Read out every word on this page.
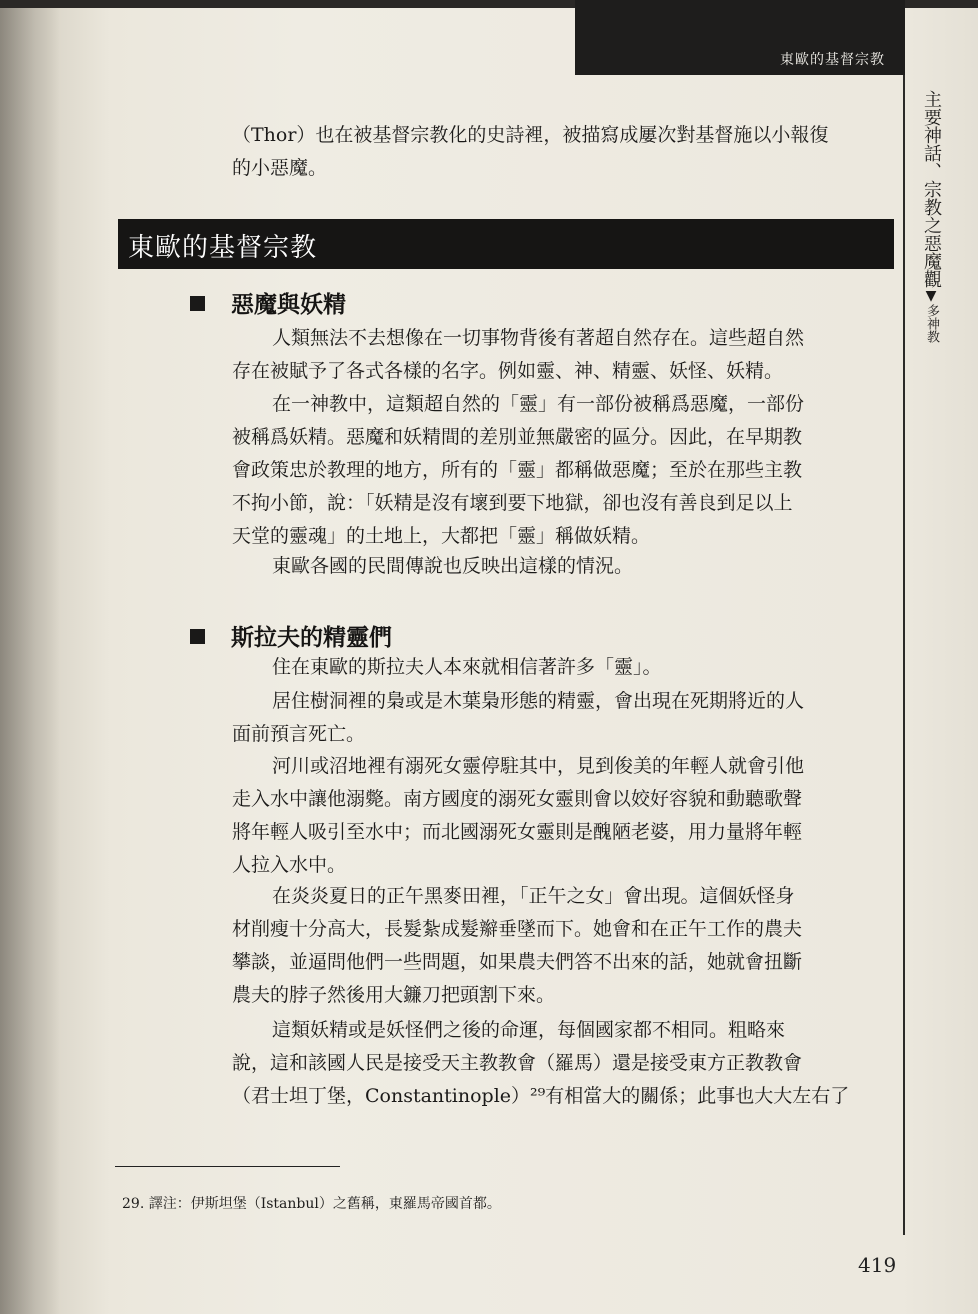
東歐的基督宗教
主要神話、宗教之惡魔觀▼多神教

（Thor）也在被基督宗教化的史詩裡，被描寫成屢次對基督施以小報復
的小惡魔。

東歐的基督宗教
惡魔與妖精

人類無法不去想像在一切事物背後有著超自然存在。這些超自然
存在被賦予了各式各樣的名字。例如靈、神、精靈、妖怪、妖精。

在一神教中，這類超自然的「靈」有一部份被稱爲惡魔，一部份
被稱爲妖精。惡魔和妖精間的差別並無嚴密的區分。因此，在早期教
會政策忠於教理的地方，所有的「靈」都稱做惡魔；至於在那些主教
不拘小節，說：「妖精是沒有壞到要下地獄，卻也沒有善良到足以上
天堂的靈魂」的土地上，大都把「靈」稱做妖精。

東歐各國的民間傳說也反映出這樣的情況。

斯拉夫的精靈們

住在東歐的斯拉夫人本來就相信著許多「靈」。

居住樹洞裡的梟或是木葉梟形態的精靈，會出現在死期將近的人
面前預言死亡。

河川或沼地裡有溺死女靈停駐其中，見到俊美的年輕人就會引他
走入水中讓他溺斃。南方國度的溺死女靈則會以姣好容貌和動聽歌聲
將年輕人吸引至水中；而北國溺死女靈則是醜陋老婆，用力量將年輕
人拉入水中。

在炎炎夏日的正午黑麥田裡，「正午之女」會出現。這個妖怪身
材削瘦十分高大，長髮紮成髮辮垂墜而下。她會和在正午工作的農夫
攀談，並逼問他們一些問題，如果農夫們答不出來的話，她就會扭斷
農夫的脖子然後用大鐮刀把頭割下來。

這類妖精或是妖怪們之後的命運，每個國家都不相同。粗略來
說，這和該國人民是接受天主教教會（羅馬）還是接受東方正教教會
（君士坦丁堡，Constantinople）²⁹有相當大的關係；此事也大大左右了

29. 譯注：伊斯坦堡（Istanbul）之舊稱，東羅馬帝國首都。
419
